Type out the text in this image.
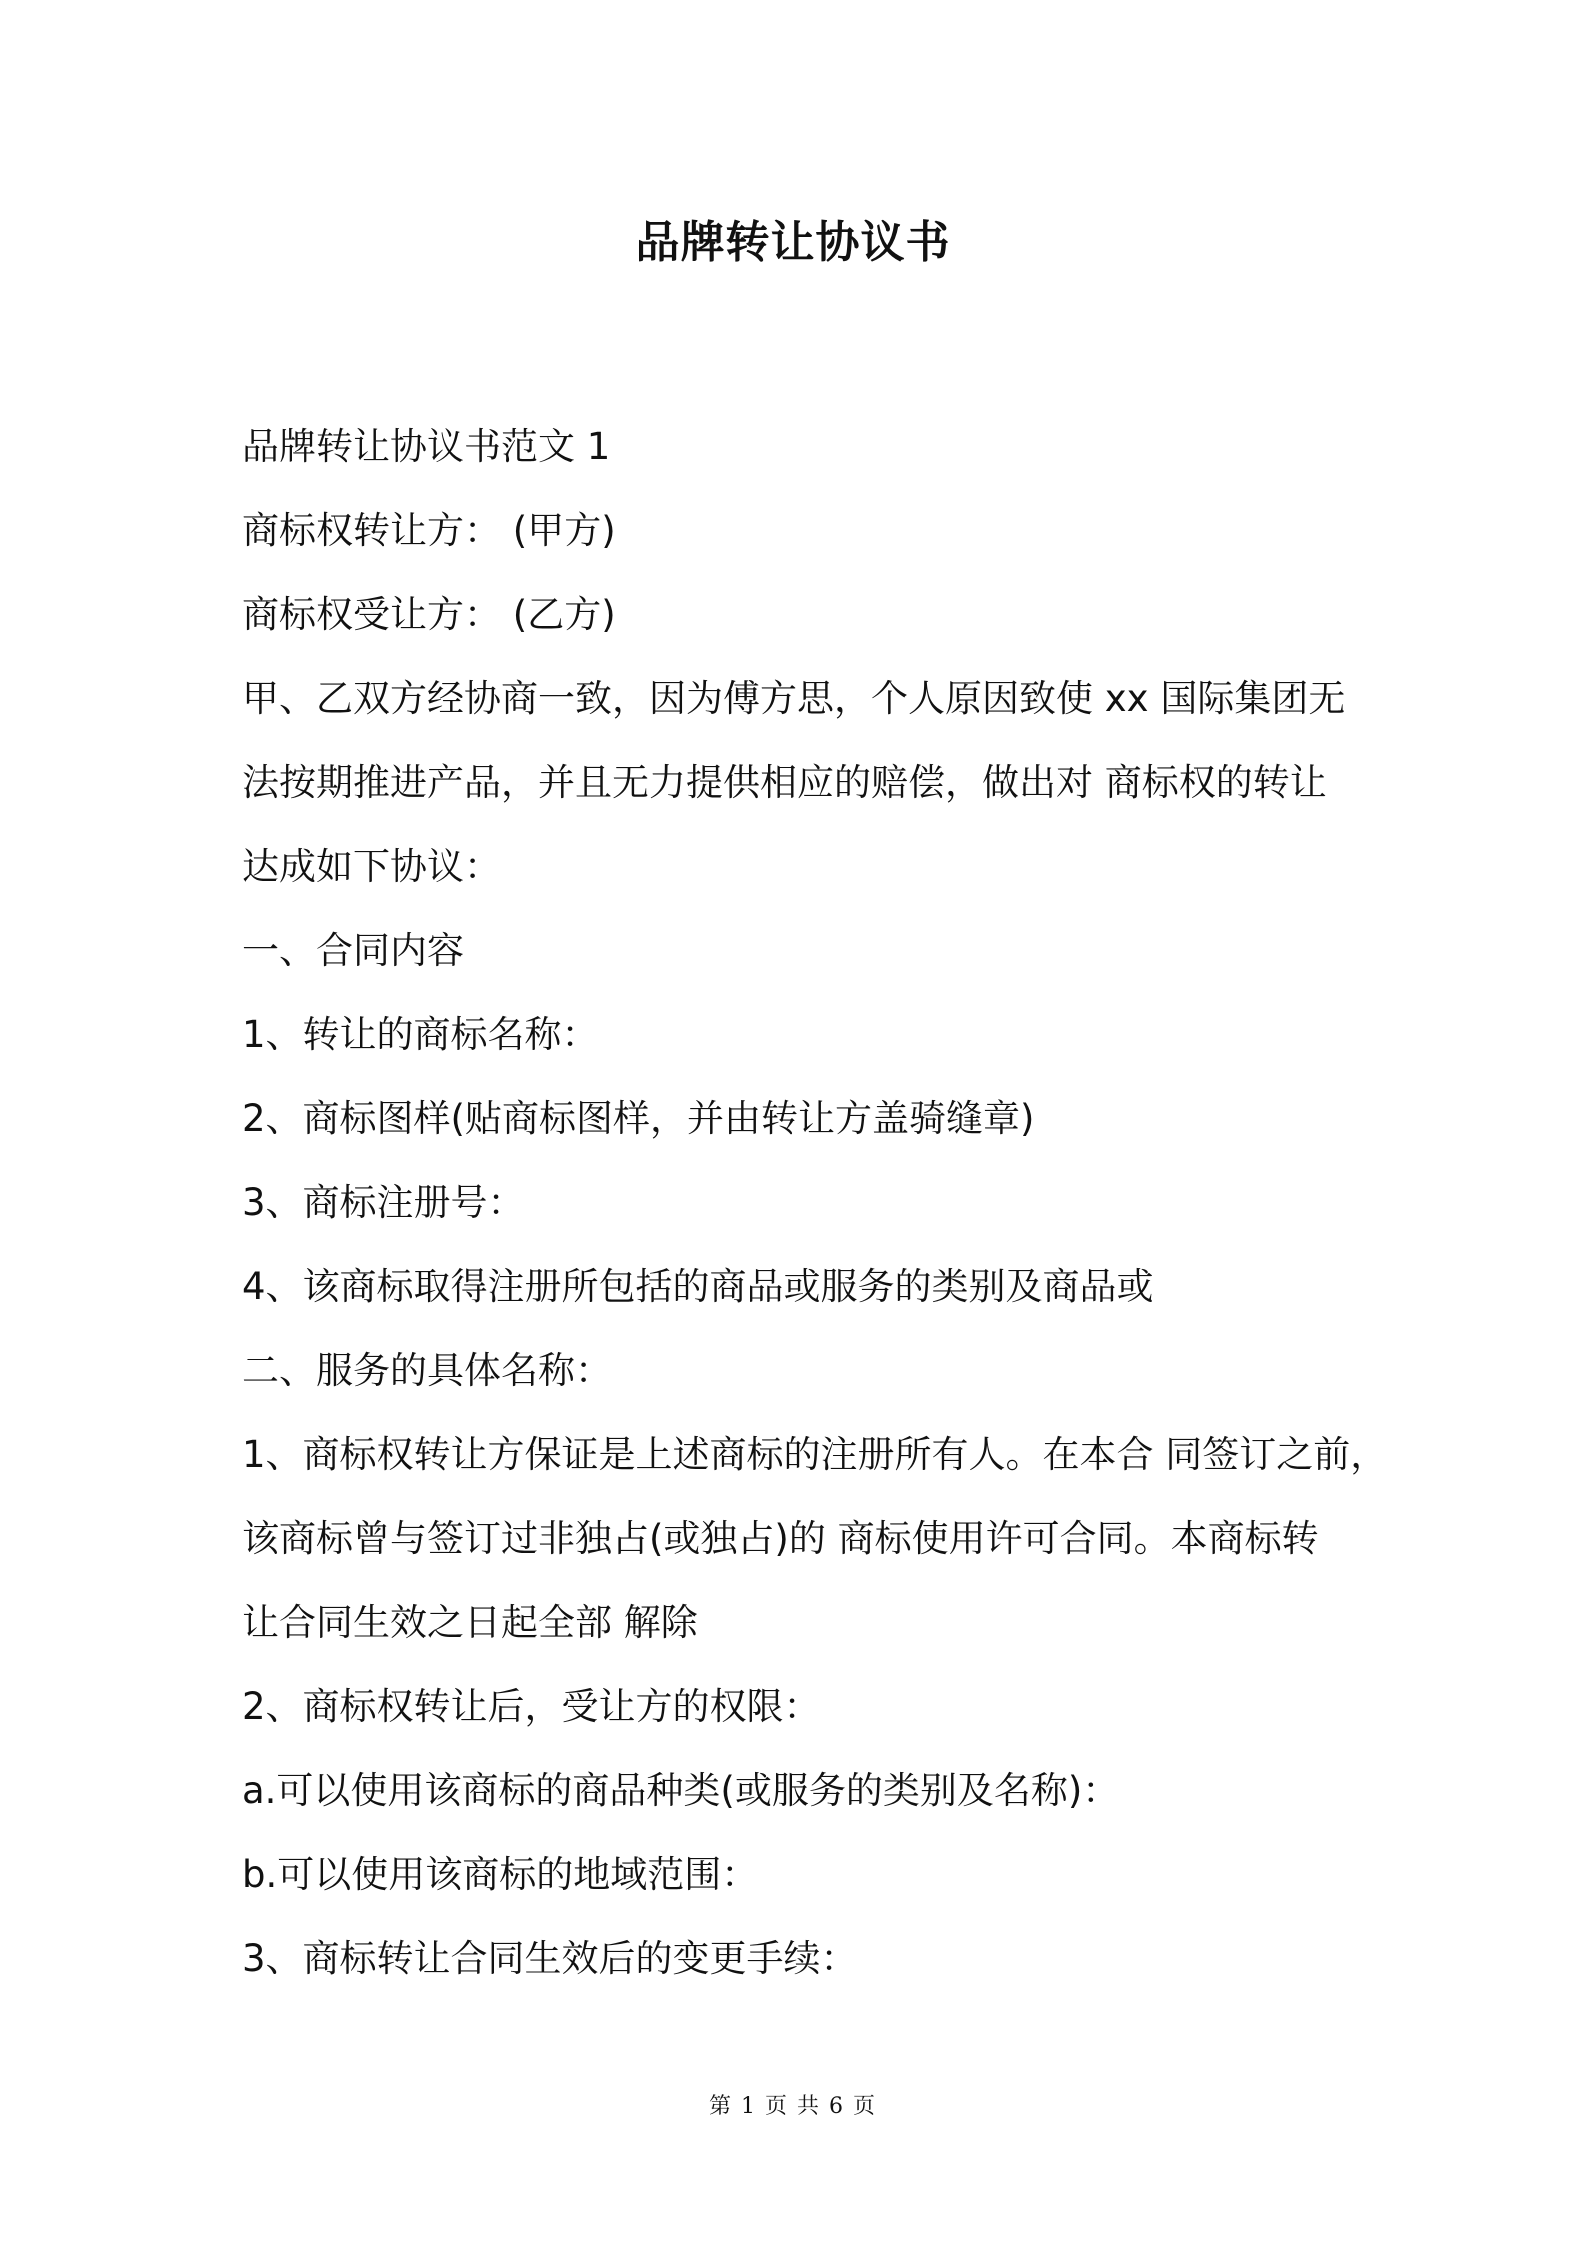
品牌转让协议书
品牌转让协议书范文 1
商标权转让方： (甲方)
商标权受让方： (乙方)
甲、乙双方经协商一致，因为傅方思，个人原因致使 xx 国际集团无
法按期推进产品，并且无力提供相应的赔偿，做出对 商标权的转让
达成如下协议：
一、合同内容
1、转让的商标名称：
2、商标图样(贴商标图样，并由转让方盖骑缝章)
3、商标注册号：
4、该商标取得注册所包括的商品或服务的类别及商品或
二、服务的具体名称：
1、商标权转让方保证是上述商标的注册所有人。在本合 同签订之前，
该商标曾与签订过非独占(或独占)的 商标使用许可合同。本商标转
让合同生效之日起全部 解除
2、商标权转让后，受让方的权限：
a.可以使用该商标的商品种类(或服务的类别及名称)：
b.可以使用该商标的地域范围：
3、商标转让合同生效后的变更手续：
第 1 页 共 6 页
